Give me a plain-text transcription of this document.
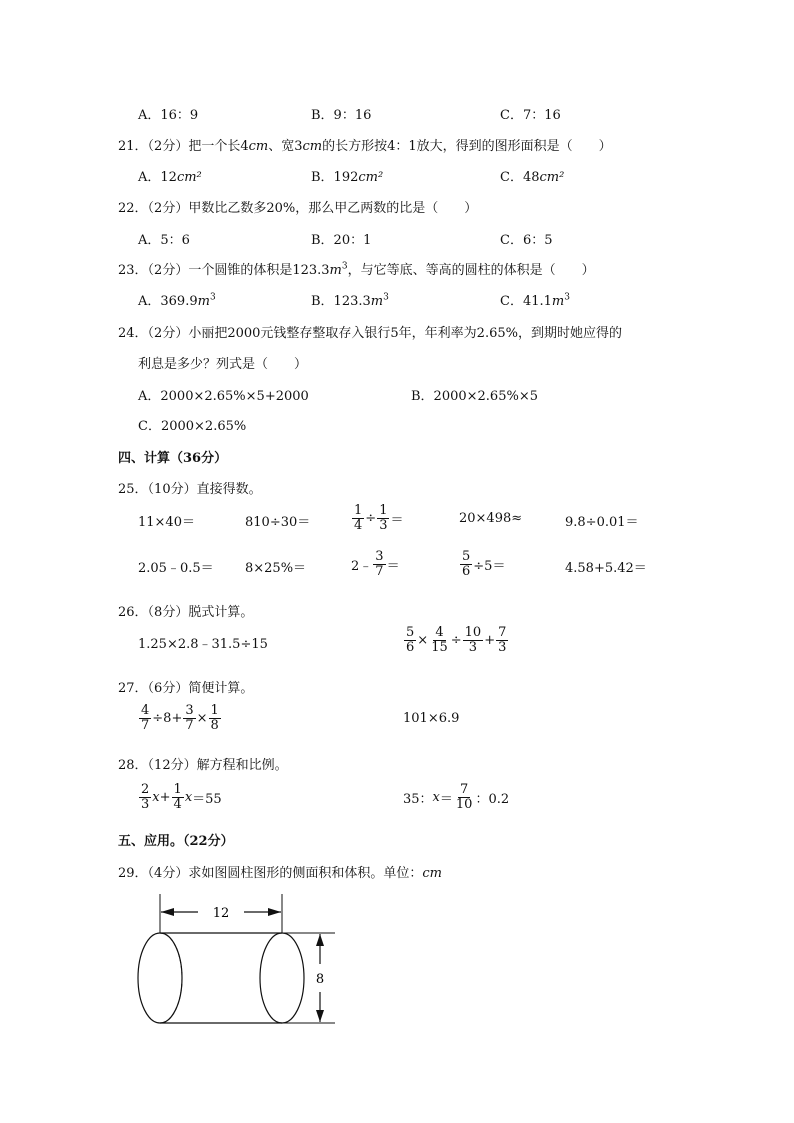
A．16：9	B．9：16	C．7：16
21．（2分）把一个长4cm、宽3cm的长方形按4：1放大，得到的图形面积是（　　）
A．12cm²	B．192cm²	C．48cm²
22．（2分）甲数比乙数多20%，那么甲乙两数的比是（　　）
A．5：6	B．20：1	C．6：5
23．（2分）一个圆锥的体积是$123.3m^3$，与它等底、等高的圆柱的体积是（　　）
A．$369.9m^3$	B．$123.3m^3$	C．$41.1m^3$
24．（2分）小丽把2000元钱整存整取存入银行5年，年利率为2.65%，到期时她应得的
利息是多少？列式是（　　）
A．2000×2.65%×5+2000	B．2000×2.65%×5
C．2000×2.65%
四、计算（36分）
25．（10分）直接得数。
11×40＝	810÷30＝	$\frac{1}{4} \div \frac{1}{3}$ ＝	20×498≈	9.8÷0.01＝
2.05﹣0.5＝ 8×25%＝	2﹣ $\frac{3}{7}$ ＝	$\frac{5}{6} \div 5=$	4.58+5.42＝
26．（8分）脱式计算。
1.25×2.8﹣31.5÷15	$\frac{5}{6} \times \frac{4}{15} \div \frac{10}{3} + \frac{7}{3}$
27．（6分）简便计算。
$\frac{4}{7} \div 8+ \frac{3}{7} \times \frac{1}{8}$	101×6.9
28．（12分）解方程和比例。
$\frac{2}{3}$ $x + \frac{1}{4}$ x ＝55	35： $x = \frac{7}{10}$ ：0.2
五、应用。（22分）
29．（4分）求如图圆柱图形的侧面积和体积。单位：cm
12
8
